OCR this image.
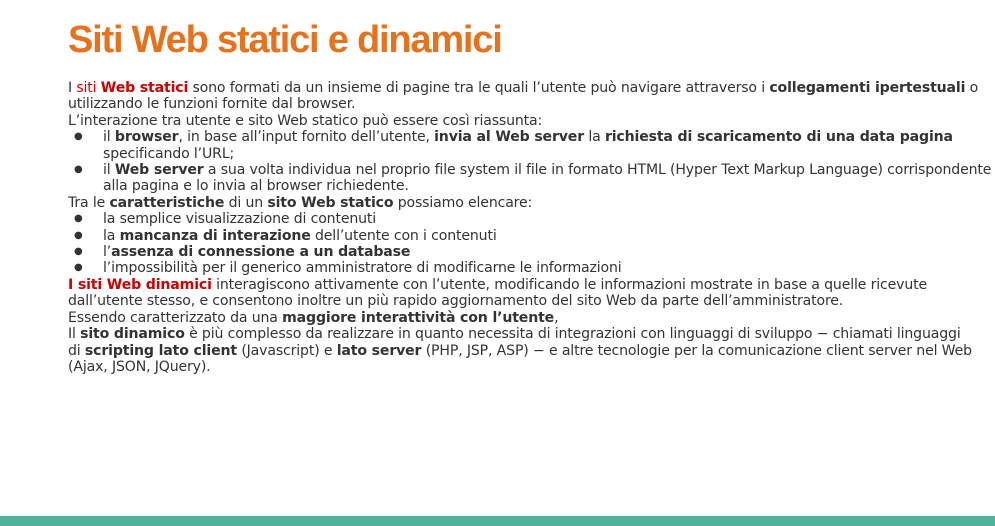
Siti Web statici e dinamici

I siti Web statici sono formati da un insieme di pagine tra le quali l’utente può navigare attraverso i collegamenti ipertestuali o utilizzando le funzioni fornite dal browser.

L’interazione tra utente e sito Web statico può essere così riassunta:

● il browser, in base all’input fornito dell’utente, invia al Web server la richiesta di scaricamento di una data pagina specificando l’URL;
● il Web server a sua volta individua nel proprio file system il file in formato HTML (Hyper Text Markup Language) corrispondente alla pagina e lo invia al browser richiedente.

Tra le caratteristiche di un sito Web statico possiamo elencare:

● la semplice visualizzazione di contenuti
● la mancanza di interazione dell’utente con i contenuti
● l’assenza di connessione a un database
● l’impossibilità per il generico amministratore di modificarne le informazioni

I siti Web dinamici interagiscono attivamente con l’utente, modificando le informazioni mostrate in base a quelle ricevute dall’utente stesso, e consentono inoltre un più rapido aggiornamento del sito Web da parte dell’amministratore.

Essendo caratterizzato da una maggiore interattività con l’utente,

Il sito dinamico è più complesso da realizzare in quanto necessita di integrazioni con linguaggi di sviluppo − chiamati linguaggi

di scripting lato client (Javascript) e lato server (PHP, JSP, ASP) − e altre tecnologie per la comunicazione client server nel Web (Ajax, JSON, JQuery).
